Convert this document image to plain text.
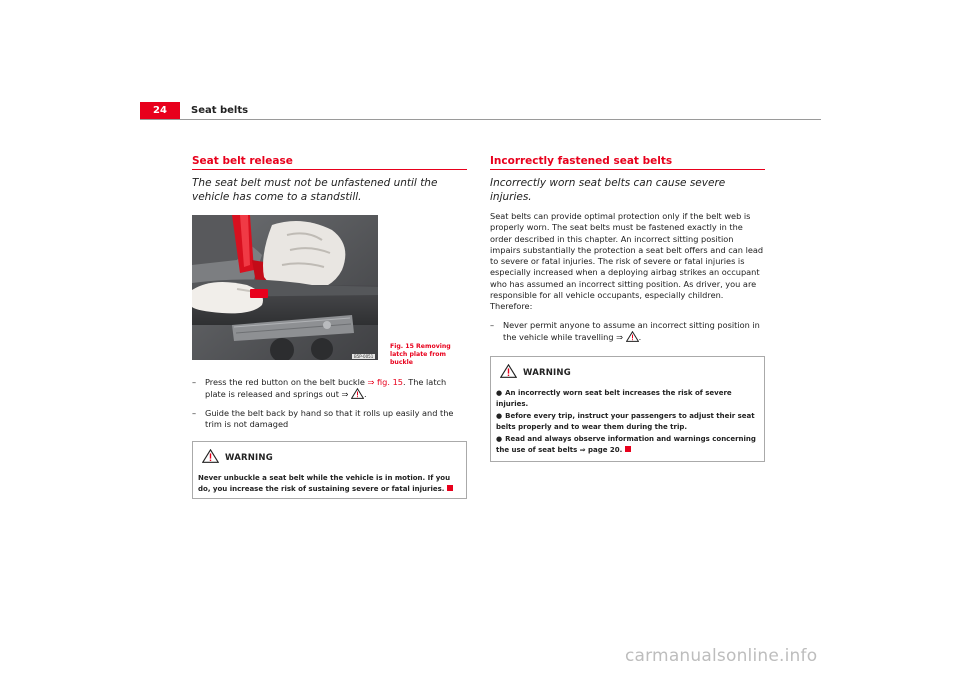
24	Seat belts
Seat belt release
The seat belt must not be unfastened until the vehicle has come to a standstill.
B5P-0051
Fig. 15 Removing latch plate from buckle
– Press the red button on the belt buckle ⇒ fig. 15. The latch plate is released and springs out ⇒ .
– Guide the belt back by hand so that it rolls up easily and the trim is not damaged
WARNING
Never unbuckle a seat belt while the vehicle is in motion. If you do, you increase the risk of sustaining severe or fatal injuries.
Incorrectly fastened seat belts
Incorrectly worn seat belts can cause severe injuries.
Seat belts can provide optimal protection only if the belt web is properly worn. The seat belts must be fastened exactly in the order described in this chapter. An incorrect sitting position impairs substantially the protection a seat belt offers and can lead to severe or fatal injuries. The risk of severe or fatal injuries is especially increased when a deploying airbag strikes an occupant who has assumed an incorrect sitting position. As driver, you are responsible for all vehicle occupants, especially children. Therefore:
– Never permit anyone to assume an incorrect sitting position in the vehicle while travelling ⇒ .
WARNING
● An incorrectly worn seat belt increases the risk of severe injuries.
● Before every trip, instruct your passengers to adjust their seat belts properly and to wear them during the trip.
● Read and always observe information and warnings concerning the use of seat belts ⇒ page 20.
carmanualsonline.info
